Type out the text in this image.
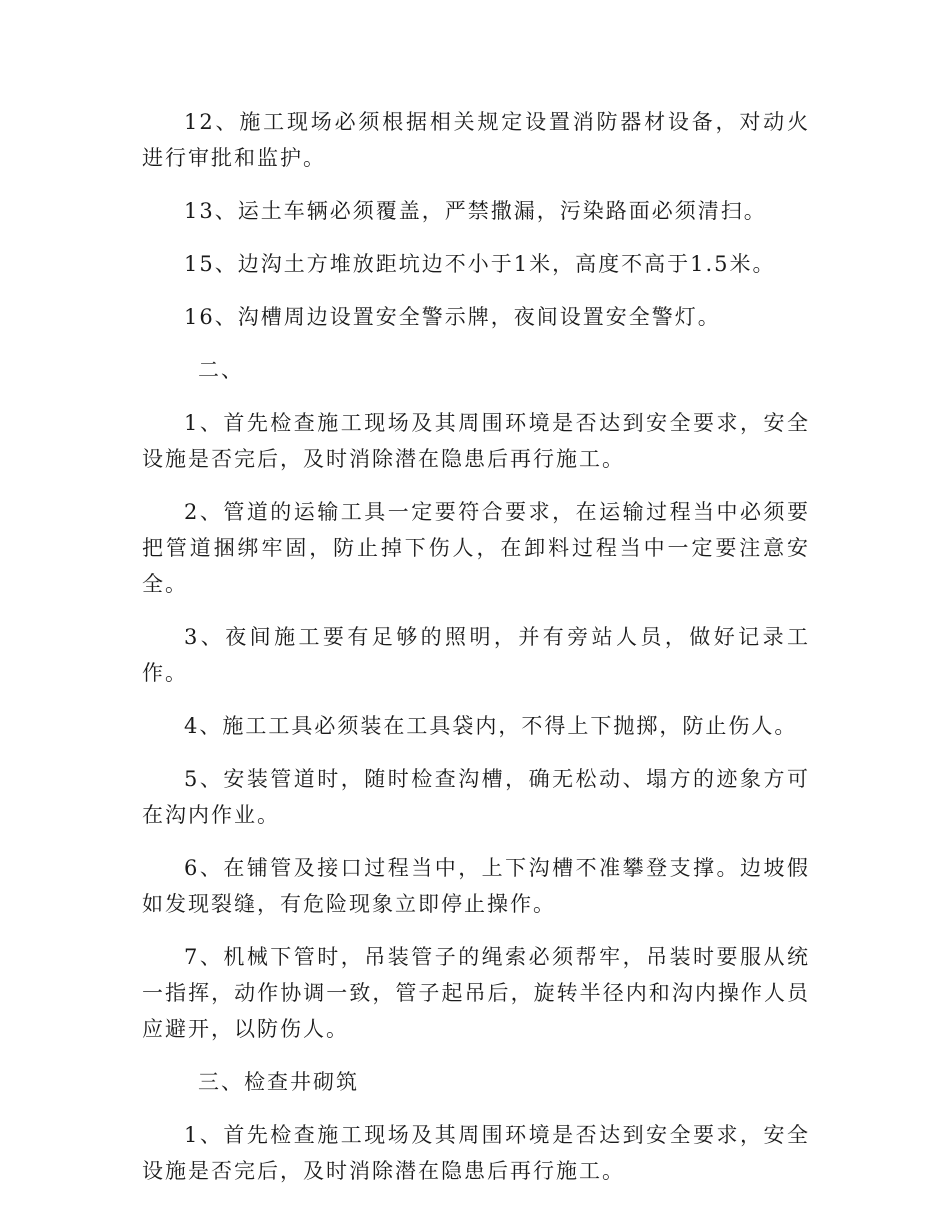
12、施工现场必须根据相关规定设置消防器材设备，对动火进行审批和监护。

13、运土车辆必须覆盖，严禁撒漏，污染路面必须清扫。

15、边沟土方堆放距坑边不小于1米，高度不高于1.5米。

16、沟槽周边设置安全警示牌，夜间设置安全警灯。

二、

1、首先检查施工现场及其周围环境是否达到安全要求，安全设施是否完后，及时消除潜在隐患后再行施工。

2、管道的运输工具一定要符合要求，在运输过程当中必须要把管道捆绑牢固，防止掉下伤人，在卸料过程当中一定要注意安全。

3、夜间施工要有足够的照明，并有旁站人员，做好记录工作。

4、施工工具必须装在工具袋内，不得上下抛掷，防止伤人。

5、安装管道时，随时检查沟槽，确无松动、塌方的迹象方可在沟内作业。

6、在铺管及接口过程当中，上下沟槽不准攀登支撑。边坡假如发现裂缝，有危险现象立即停止操作。

7、机械下管时，吊装管子的绳索必须帮牢，吊装时要服从统一指挥，动作协调一致，管子起吊后，旋转半径内和沟内操作人员应避开，以防伤人。

三、检查井砌筑

1、首先检查施工现场及其周围环境是否达到安全要求，安全设施是否完后，及时消除潜在隐患后再行施工。
